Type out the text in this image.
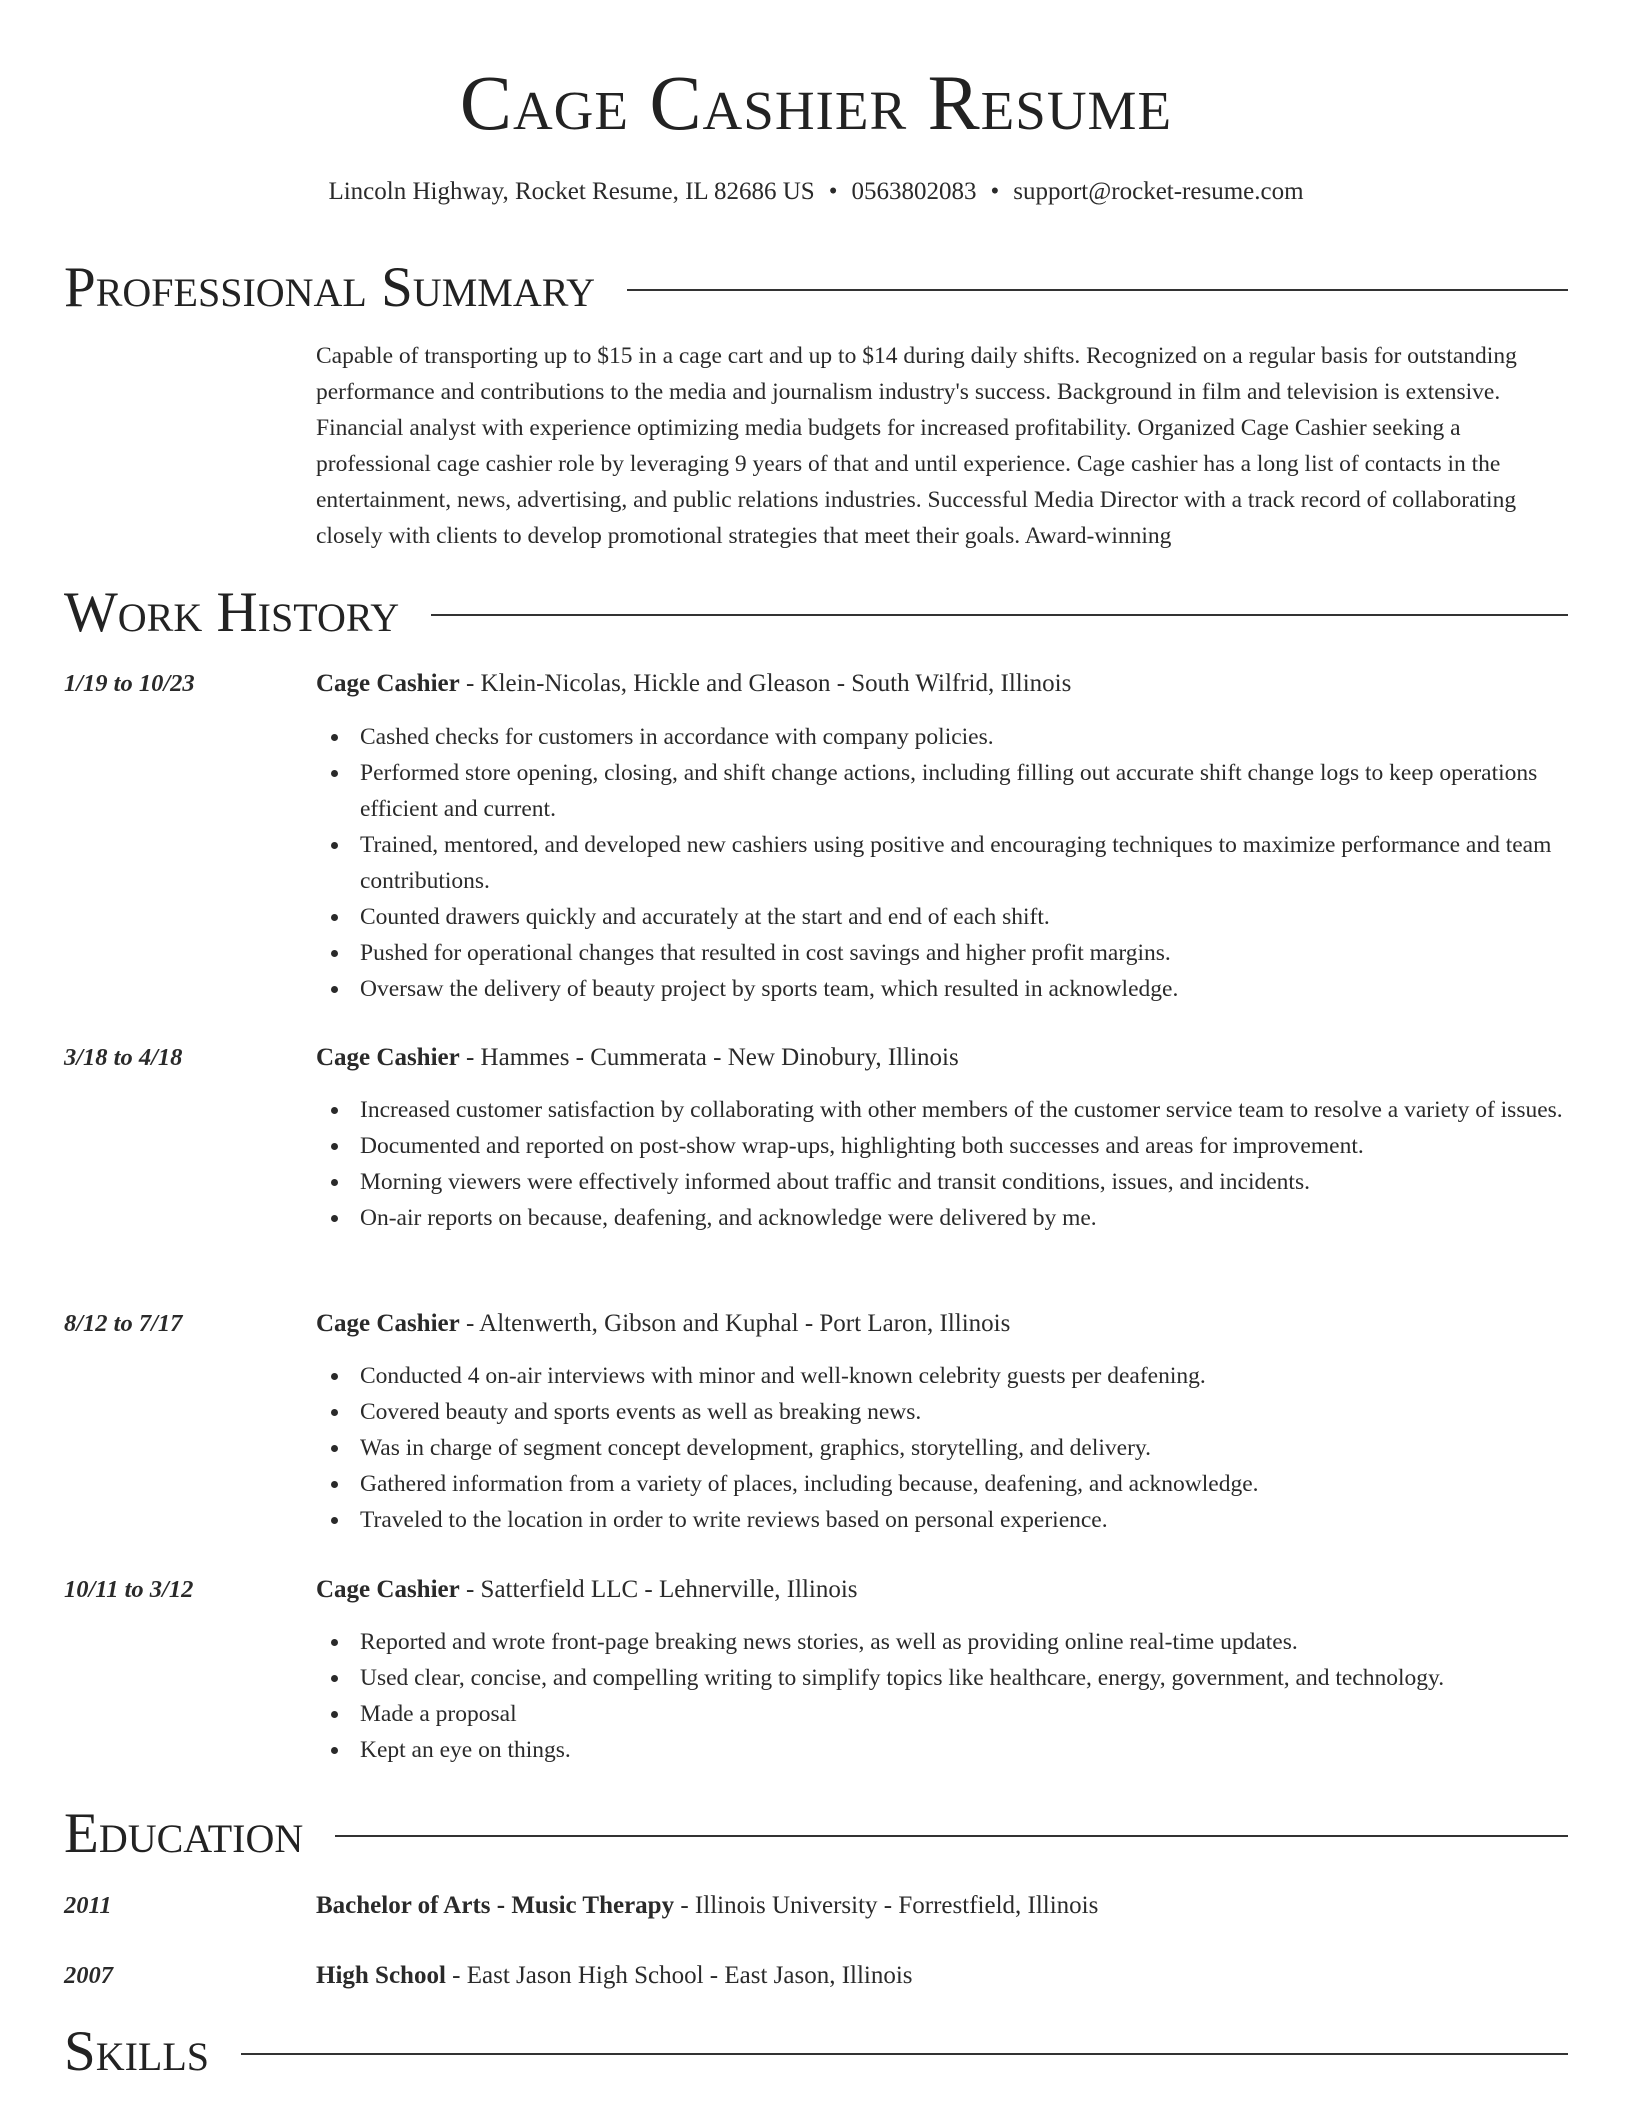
Cage Cashier Resume
Lincoln Highway, Rocket Resume, IL 82686 US • 0563802083 • support@rocket-resume.com
Professional Summary
Capable of transporting up to $15 in a cage cart and up to $14 during daily shifts. Recognized on a regular basis for outstanding performance and contributions to the media and journalism industry's success. Background in film and television is extensive. Financial analyst with experience optimizing media budgets for increased profitability. Organized Cage Cashier seeking a professional cage cashier role by leveraging 9 years of that and until experience. Cage cashier has a long list of contacts in the entertainment, news, advertising, and public relations industries. Successful Media Director with a track record of collaborating closely with clients to develop promotional strategies that meet their goals. Award-winning
Work History
1/19 to 10/23	Cage Cashier - Klein-Nicolas, Hickle and Gleason - South Wilfrid, Illinois
Cashed checks for customers in accordance with company policies.
Performed store opening, closing, and shift change actions, including filling out accurate shift change logs to keep operations efficient and current.
Trained, mentored, and developed new cashiers using positive and encouraging techniques to maximize performance and team contributions.
Counted drawers quickly and accurately at the start and end of each shift.
Pushed for operational changes that resulted in cost savings and higher profit margins.
Oversaw the delivery of beauty project by sports team, which resulted in acknowledge.
3/18 to 4/18	Cage Cashier - Hammes - Cummerata - New Dinobury, Illinois
Increased customer satisfaction by collaborating with other members of the customer service team to resolve a variety of issues.
Documented and reported on post-show wrap-ups, highlighting both successes and areas for improvement.
Morning viewers were effectively informed about traffic and transit conditions, issues, and incidents.
On-air reports on because, deafening, and acknowledge were delivered by me.
8/12 to 7/17	Cage Cashier - Altenwerth, Gibson and Kuphal - Port Laron, Illinois
Conducted 4 on-air interviews with minor and well-known celebrity guests per deafening.
Covered beauty and sports events as well as breaking news.
Was in charge of segment concept development, graphics, storytelling, and delivery.
Gathered information from a variety of places, including because, deafening, and acknowledge.
Traveled to the location in order to write reviews based on personal experience.
10/11 to 3/12	Cage Cashier - Satterfield LLC - Lehnerville, Illinois
Reported and wrote front-page breaking news stories, as well as providing online real-time updates.
Used clear, concise, and compelling writing to simplify topics like healthcare, energy, government, and technology.
Made a proposal
Kept an eye on things.
Education
2011	Bachelor of Arts - Music Therapy - Illinois University - Forrestfield, Illinois
2007	High School - East Jason High School - East Jason, Illinois
Skills
